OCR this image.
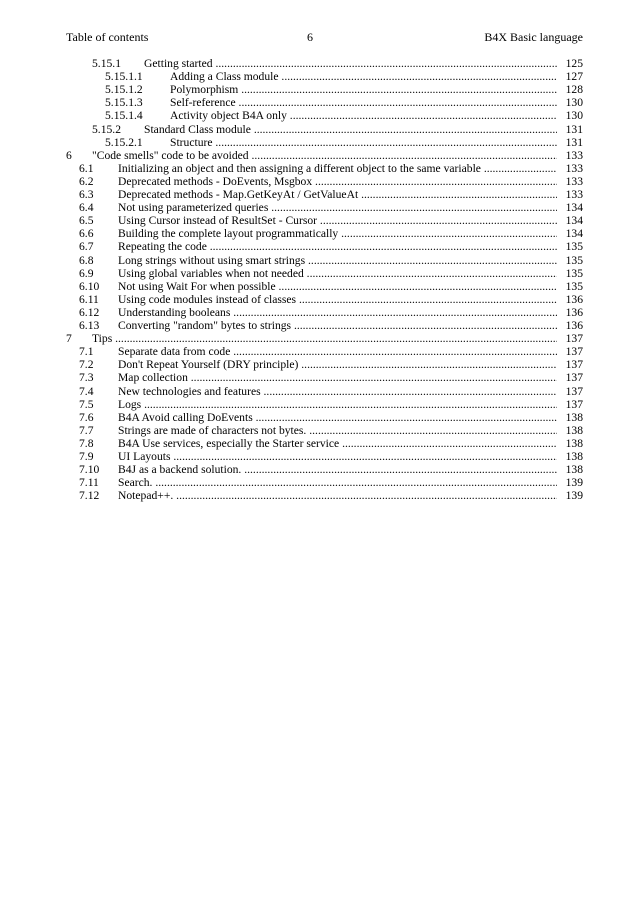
Table of contents	6	B4X Basic language
5.15.1 Getting started .....	125
5.15.1.1 Adding a Class module .....	127
5.15.1.2 Polymorphism .....	128
5.15.1.3 Self-reference .....	130
5.15.1.4 Activity object B4A only .....	130
5.15.2 Standard Class module .....	131
5.15.2.1 Structure .....	131
6 "Code smells" code to be avoided .....	133
6.1 Initializing an object and then assigning a different object to the same variable .....	133
6.2 Deprecated methods - DoEvents, Msgbox .....	133
6.3 Deprecated methods - Map.GetKeyAt / GetValueAt .....	133
6.4 Not using parameterized queries .....	134
6.5 Using Cursor instead of ResultSet - Cursor .....	134
6.6 Building the complete layout programmatically .....	134
6.7 Repeating the code .....	135
6.8 Long strings without using smart strings .....	135
6.9 Using global variables when not needed .....	135
6.10 Not using Wait For when possible .....	135
6.11 Using code modules instead of classes .....	136
6.12 Understanding booleans .....	136
6.13 Converting "random" bytes to strings .....	136
7 Tips .....	137
7.1 Separate data from code .....	137
7.2 Don't Repeat Yourself (DRY principle) .....	137
7.3 Map collection .....	137
7.4 New technologies and features .....	137
7.5 Logs .....	137
7.6 B4A Avoid calling DoEvents .....	138
7.7 Strings are made of characters not bytes. .....	138
7.8 B4A Use services, especially the Starter service .....	138
7.9 UI Layouts .....	138
7.10 B4J as a backend solution. .....	138
7.11 Search. .....	139
7.12 Notepad++. .....	139
